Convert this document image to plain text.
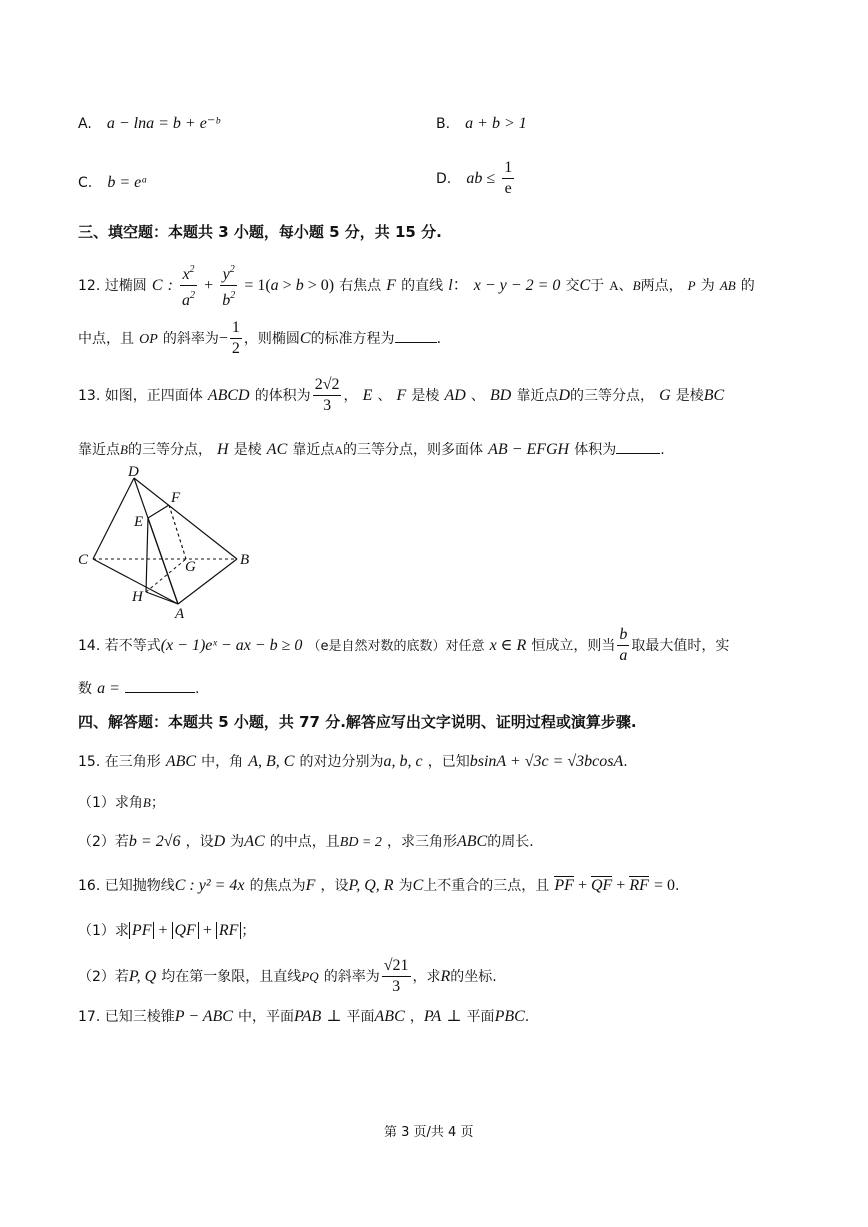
A. a − lna = b + e⁻ᵇ	B. a + b > 1
C. b = eᵃ	D. ab ≤ $\frac{1}{e}$
三、填空题：本题共 3 小题，每小题 5 分，共 15 分.
12. 过椭圆 C : $\frac{x^2}{a^2} + \frac{y^2}{b^2} = 1(a > b > 0)$ 右焦点 F 的直线 l： x − y − 2 = 0 交C于 A、B两点， P 为 AB 的
中点，且 OP 的斜率为− $\frac{1}{2}$ ，则椭圆C的标准方程为	.
13. 如图，正四面体 ABCD 的体积为 $\frac{2√2}{3}$ ， E 、 F 是棱 AD 、 BD 靠近点D的三等分点， G 是棱BC
靠近点B的三等分点， H 是棱 AC 靠近点A的三等分点，则多面体 AB − EFGH 体积为	.
D
F
E
C	G	B
H
A
14. 若不等式(x − 1)eˣ − ax − b ≥ 0 （e是自然对数的底数）对任意 x ∈ R 恒成立，则当 $\frac{b}{a}$ 取最大值时，实
数 a =	.
四、解答题：本题共 5 小题，共 77 分.解答应写出文字说明、证明过程或演算步骤.
15. 在三角形 ABC 中，角 A, B, C 的对边分别为a, b, c ，已知bsinA + √3c = √3bcosA.
（1）求角B；
（2）若b = 2√6 ，设D 为AC 的中点，且BD = 2 ，求三角形ABC的周长.
16. 已知抛物线C : y² = 4x 的焦点为F ，设P, Q, R 为C上不重合的三点，且 PF + QF + RF = 0.
（1）求 PF + QF + RF ；
（2）若P, Q 均在第一象限，且直线PQ 的斜率为 $\frac{√21}{3}$ ，求R的坐标.
17. 已知三棱锥P − ABC 中，平面PAB ⊥ 平面ABC ，PA ⊥ 平面PBC.
第 3 页/共 4 页
